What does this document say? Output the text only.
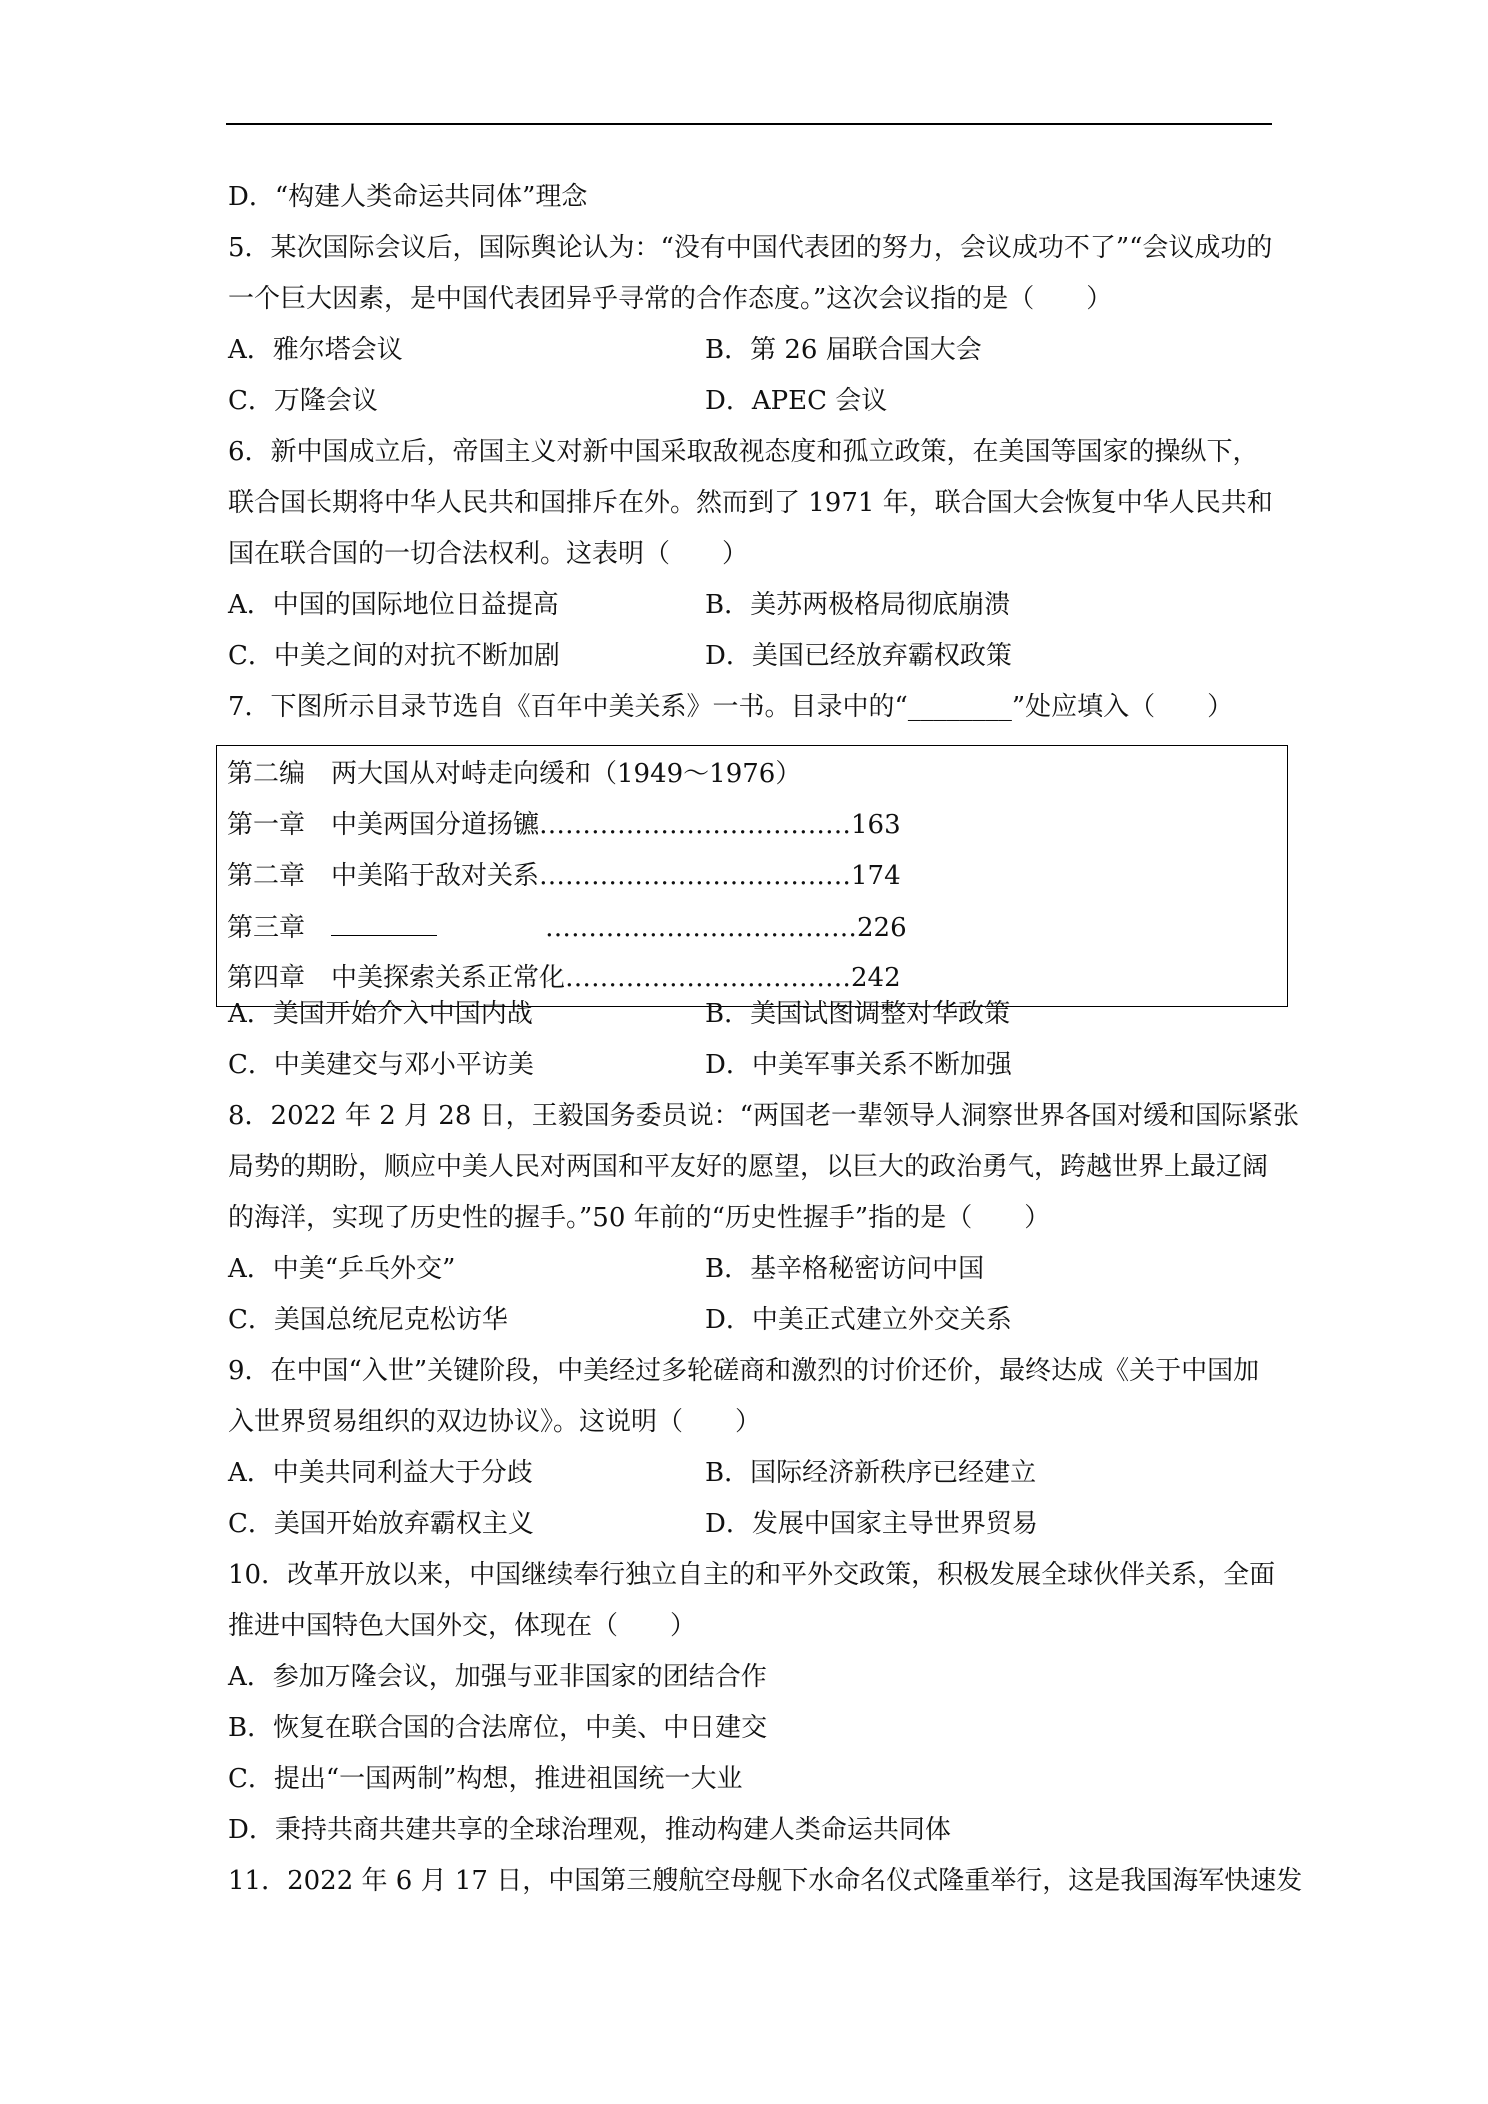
D．“构建人类命运共同体”理念
5．某次国际会议后，国际舆论认为：“没有中国代表团的努力，会议成功不了”“会议成功的
一个巨大因素，是中国代表团异乎寻常的合作态度。”这次会议指的是（　　）
A．雅尔塔会议	B．第 26 届联合国大会
C．万隆会议	D．APEC 会议
6．新中国成立后，帝国主义对新中国采取敌视态度和孤立政策，在美国等国家的操纵下，
联合国长期将中华人民共和国排斥在外。然而到了 1971 年，联合国大会恢复中华人民共和
国在联合国的一切合法权利。这表明（　　）
A．中国的国际地位日益提高	B．美苏两极格局彻底崩溃
C．中美之间的对抗不断加剧	D．美国已经放弃霸权政策
7．下图所示目录节选自《百年中美关系》一书。目录中的“________”处应填入（　　）
第二编　两大国从对峙走向缓和（1949～1976）
第一章　中美两国分道扬镳………………………………163
第二章　中美陷于敌对关系………………………………174
第三章　	………………………………226
第四章　中美探索关系正常化……………………………242
A．美国开始介入中国内战	B．美国试图调整对华政策
C．中美建交与邓小平访美	D．中美军事关系不断加强
8．2022 年 2 月 28 日，王毅国务委员说：“两国老一辈领导人洞察世界各国对缓和国际紧张
局势的期盼，顺应中美人民对两国和平友好的愿望，以巨大的政治勇气，跨越世界上最辽阔
的海洋，实现了历史性的握手。”50 年前的“历史性握手”指的是（　　）
A．中美“乒乓外交”	B．基辛格秘密访问中国
C．美国总统尼克松访华	D．中美正式建立外交关系
9．在中国“入世”关键阶段，中美经过多轮磋商和激烈的讨价还价，最终达成《关于中国加
入世界贸易组织的双边协议》。这说明（　　）
A．中美共同利益大于分歧	B．国际经济新秩序已经建立
C．美国开始放弃霸权主义	D．发展中国家主导世界贸易
10．改革开放以来，中国继续奉行独立自主的和平外交政策，积极发展全球伙伴关系，全面
推进中国特色大国外交，体现在（　　）
A．参加万隆会议，加强与亚非国家的团结合作
B．恢复在联合国的合法席位，中美、中日建交
C．提出“一国两制”构想，推进祖国统一大业
D．秉持共商共建共享的全球治理观，推动构建人类命运共同体
11．2022 年 6 月 17 日，中国第三艘航空母舰下水命名仪式隆重举行，这是我国海军快速发
